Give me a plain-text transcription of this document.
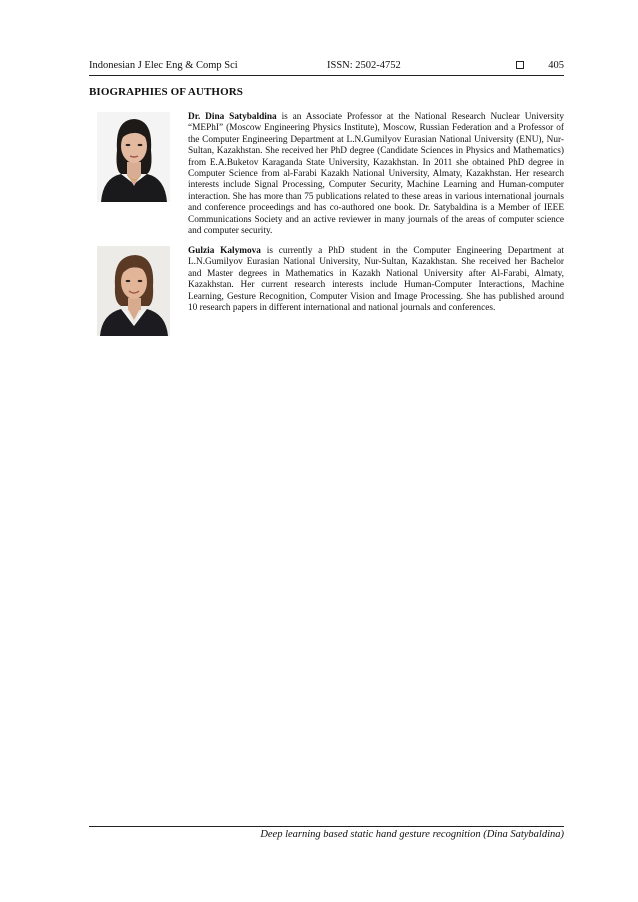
Indonesian J Elec Eng & Comp Sci	ISSN: 2502-4752	405
BIOGRAPHIES OF AUTHORS
Dr. Dina Satybaldina is an Associate Professor at the National Research Nuclear University “MEPhI” (Moscow Engineering Physics Institute), Moscow, Russian Federation and a Professor of the Computer Engineering Department at L.N.Gumilyov Eurasian National University (ENU), Nur-Sultan, Kazakhstan. She received her PhD degree (Candidate Sciences in Physics and Mathematics) from E.A.Buketov Karaganda State University, Kazakhstan. In 2011 she obtained PhD degree in Computer Science from al-Farabi Kazakh National University, Almaty, Kazakhstan. Her research interests include Signal Processing, Computer Security, Machine Learning and Human-computer interaction. She has more than 75 publications related to these areas in various international journals and conference proceedings and has co-authored one book. Dr. Satybaldina is a Member of IEEE Communications Society and an active reviewer in many journals of the areas of computer science and computer security.
Gulzia Kalymova is currently a PhD student in the Computer Engineering Department at L.N.Gumilyov Eurasian National University, Nur-Sultan, Kazakhstan. She received her Bachelor and Master degrees in Mathematics in Kazakh National University after Al-Farabi, Almaty, Kazakhstan. Her current research interests include Human-Computer Interactions, Machine Learning, Gesture Recognition, Computer Vision and Image Processing. She has published around 10 research papers in different international and national journals and conferences.
Deep learning based static hand gesture recognition (Dina Satybaldina)
